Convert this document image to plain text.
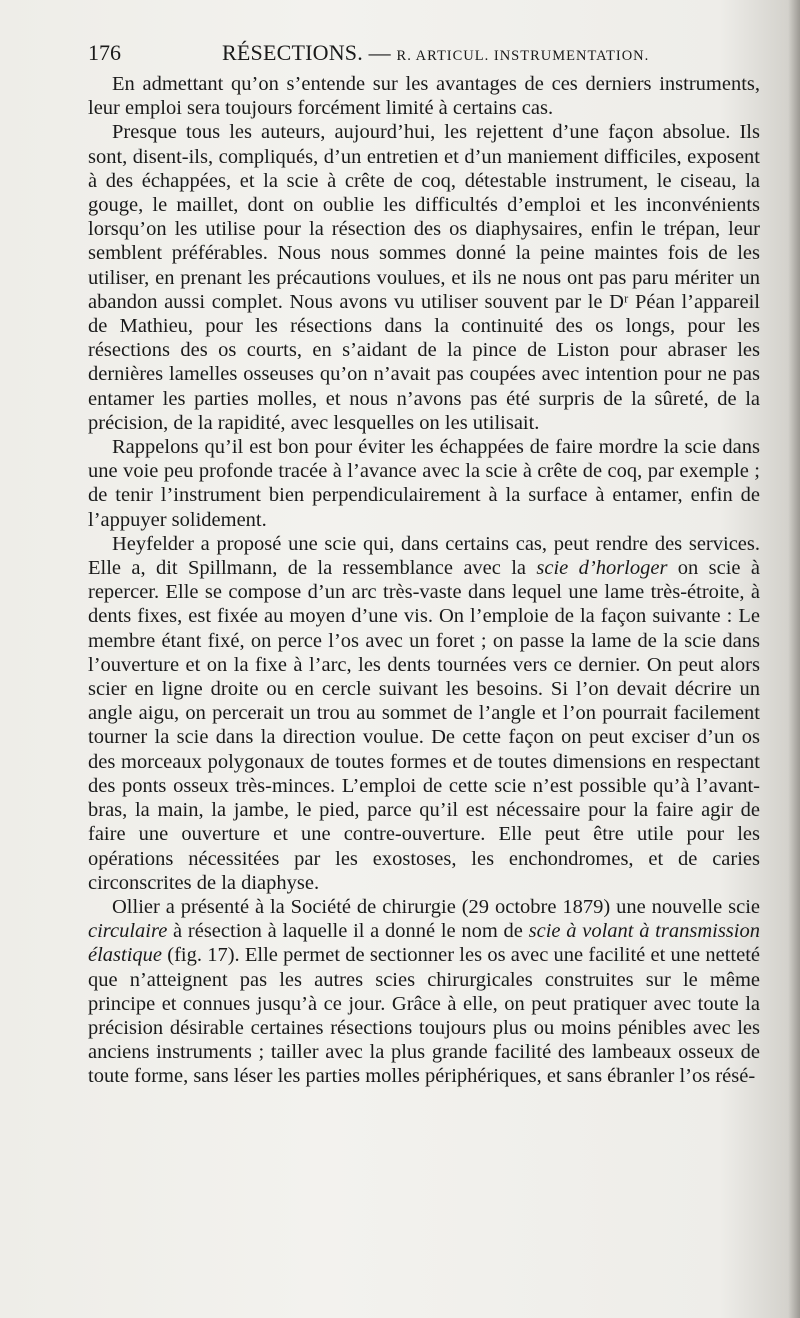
176	RÉSECTIONS. — R. ARTICUL. INSTRUMENTATION.

En admettant qu’on s’entende sur les avantages de ces derniers instruments, leur emploi sera toujours forcément limité à certains cas.

Presque tous les auteurs, aujourd’hui, les rejettent d’une façon absolue. Ils sont, disent-ils, compliqués, d’un entretien et d’un maniement difficiles, exposent à des échappées, et la scie à crête de coq, détestable instrument, le ciseau, la gouge, le maillet, dont on oublie les difficultés d’emploi et les inconvénients lorsqu’on les utilise pour la résection des os diaphysaires, enfin le trépan, leur semblent préférables. Nous nous sommes donné la peine maintes fois de les utiliser, en prenant les précautions voulues, et ils ne nous ont pas paru mériter un abandon aussi complet. Nous avons vu utiliser souvent par le Dʳ Péan l’appareil de Mathieu, pour les résections dans la continuité des os longs, pour les résections des os courts, en s’aidant de la pince de Liston pour abraser les dernières lamelles osseuses qu’on n’avait pas coupées avec intention pour ne pas entamer les parties molles, et nous n’avons pas été surpris de la sûreté, de la précision, de la rapidité, avec lesquelles on les utilisait.

Rappelons qu’il est bon pour éviter les échappées de faire mordre la scie dans une voie peu profonde tracée à l’avance avec la scie à crête de coq, par exemple ; de tenir l’instrument bien perpendiculairement à la surface à entamer, enfin de l’appuyer solidement.

Heyfelder a proposé une scie qui, dans certains cas, peut rendre des services. Elle a, dit Spillmann, de la ressemblance avec la scie d’horloger on scie à repercer. Elle se compose d’un arc très-vaste dans lequel une lame très-étroite, à dents fixes, est fixée au moyen d’une vis. On l’emploie de la façon suivante : Le membre étant fixé, on perce l’os avec un foret ; on passe la lame de la scie dans l’ouverture et on la fixe à l’arc, les dents tournées vers ce dernier. On peut alors scier en ligne droite ou en cercle suivant les besoins. Si l’on devait décrire un angle aigu, on percerait un trou au sommet de l’angle et l’on pourrait facilement tourner la scie dans la direction voulue. De cette façon on peut exciser d’un os des morceaux polygonaux de toutes formes et de toutes dimensions en respectant des ponts osseux très-minces. L’emploi de cette scie n’est possible qu’à l’avant-bras, la main, la jambe, le pied, parce qu’il est nécessaire pour la faire agir de faire une ouverture et une contre-ouverture. Elle peut être utile pour les opérations nécessitées par les exostoses, les enchondromes, et de caries circonscrites de la diaphyse.

Ollier a présenté à la Société de chirurgie (29 octobre 1879) une nouvelle scie circulaire à résection à laquelle il a donné le nom de scie à volant à transmission élastique (fig. 17). Elle permet de sectionner les os avec une facilité et une netteté que n’atteignent pas les autres scies chirurgicales construites sur le même principe et connues jusqu’à ce jour. Grâce à elle, on peut pratiquer avec toute la précision désirable certaines résections toujours plus ou moins pénibles avec les anciens instruments ; tailler avec la plus grande facilité des lambeaux osseux de toute forme, sans léser les parties molles périphériques, et sans ébranler l’os résé-
